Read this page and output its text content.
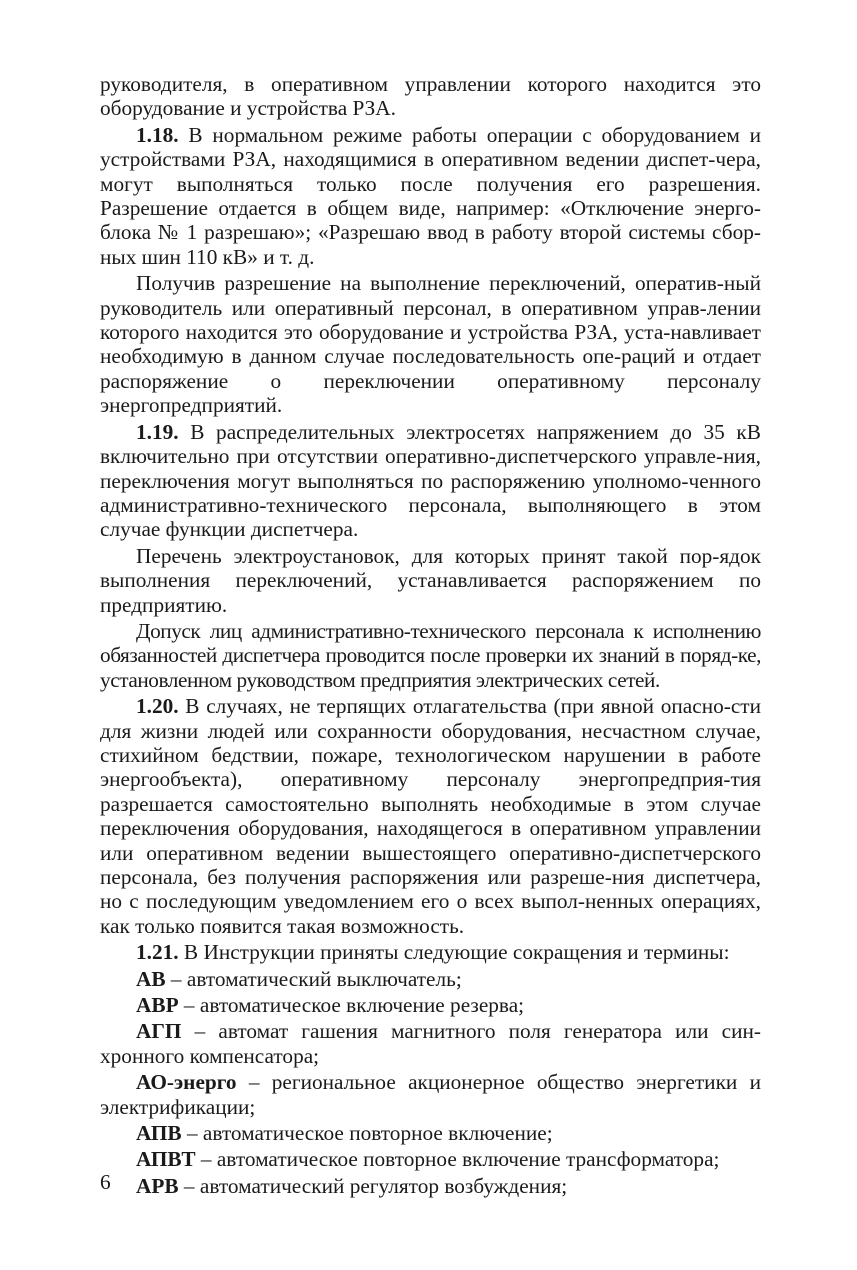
руководителя, в оперативном управлении которого находится это оборудование и устройства РЗА.

1.18. В нормальном режиме работы операции с оборудованием и устройствами РЗА, находящимися в оперативном ведении диспет-чера, могут выполняться только после получения его разрешения. Разрешение отдается в общем виде, например: «Отключение энерго-блока № 1 разрешаю»; «Разрешаю ввод в работу второй системы сбор-ных шин 110 кВ» и т. д.

Получив разрешение на выполнение переключений, оператив-ный руководитель или оперативный персонал, в оперативном управ-лении которого находится это оборудование и устройства РЗА, уста-навливает необходимую в данном случае последовательность опе-раций и отдает распоряжение о переключении оперативному персоналу энергопредприятий.

1.19. В распределительных электросетях напряжением до 35 кВ включительно при отсутствии оперативно-диспетчерского управле-ния, переключения могут выполняться по распоряжению уполномо-ченного административно-технического персонала, выполняющего в этом случае функции диспетчера.

Перечень электроустановок, для которых принят такой пор-ядок выполнения переключений, устанавливается распоряжением по предприятию.

Допуск лиц административно-технического персонала к исполнению обязанностей диспетчера проводится после проверки их знаний в поряд-ке, установленном руководством предприятия электрических сетей.

1.20. В случаях, не терпящих отлагательства (при явной опасно-сти для жизни людей или сохранности оборудования, несчастном случае, стихийном бедствии, пожаре, технологическом нарушении в работе энергообъекта), оперативному персоналу энергопредприя-тия разрешается самостоятельно выполнять необходимые в этом случае переключения оборудования, находящегося в оперативном управлении или оперативном ведении вышестоящего оперативно-диспетчерского персонала, без получения распоряжения или разреше-ния диспетчера, но с последующим уведомлением его о всех выпол-ненных операциях, как только появится такая возможность.

1.21. В Инструкции приняты следующие сокращения и термины:

АВ – автоматический выключатель;

АВР – автоматическое включение резерва;

АГП – автомат гашения магнитного поля генератора или син-хронного компенсатора;

АО-энерго – региональное акционерное общество энергетики и электрификации;

АПВ – автоматическое повторное включение;

АПВТ – автоматическое повторное включение трансформатора;

АРВ – автоматический регулятор возбуждения;

6
